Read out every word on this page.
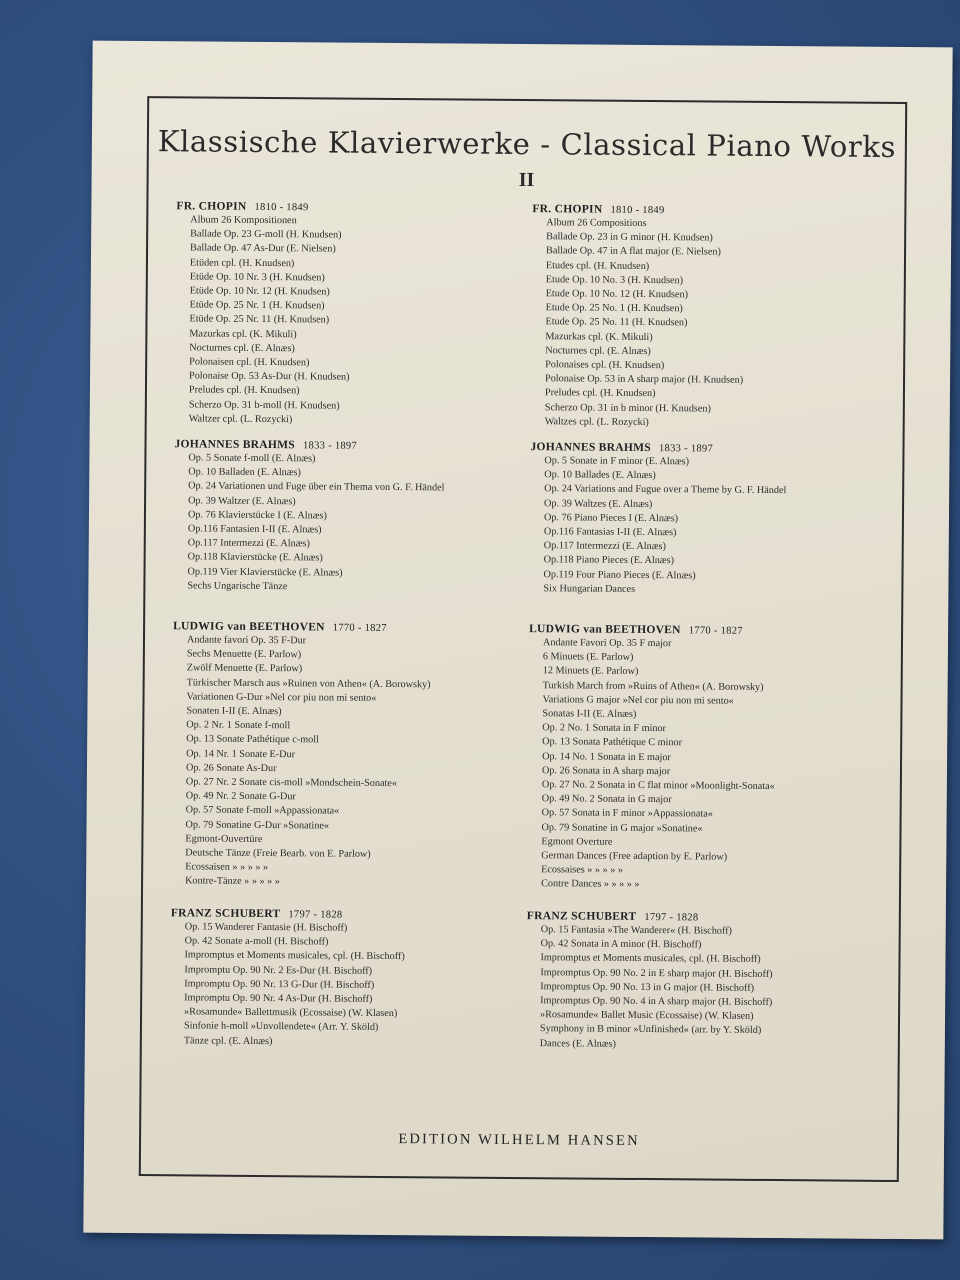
Klassische Klavierwerke - Classical Piano Works
II
FR. CHOPIN 1810 - 1849
Album 26 Kompositionen
Ballade Op. 23 G-moll (H. Knudsen)
Ballade Op. 47 As-Dur (E. Nielsen)
Etüden cpl. (H. Knudsen)
Etüde Op. 10 Nr. 3 (H. Knudsen)
Etüde Op. 10 Nr. 12 (H. Knudsen)
Etüde Op. 25 Nr. 1 (H. Knudsen)
Etüde Op. 25 Nr. 11 (H. Knudsen)
Mazurkas cpl. (K. Mikuli)
Nocturnes cpl. (E. Alnæs)
Polonaisen cpl. (H. Knudsen)
Polonaise Op. 53 As-Dur (H. Knudsen)
Preludes cpl. (H. Knudsen)
Scherzo Op. 31 b-moll (H. Knudsen)
Waltzer cpl. (L. Rozycki)
JOHANNES BRAHMS 1833 - 1897
Op. 5 Sonate f-moll (E. Alnæs)
Op. 10 Balladen (E. Alnæs)
Op. 24 Variationen und Fuge über ein Thema von G. F. Händel
Op. 39 Waltzer (E. Alnæs)
Op. 76 Klavierstücke I (E. Alnæs)
Op.116 Fantasien I-II (E. Alnæs)
Op.117 Intermezzi (E. Alnæs)
Op.118 Klavierstücke (E. Alnæs)
Op.119 Vier Klavierstücke (E. Alnæs)
Sechs Ungarische Tänze
LUDWIG van BEETHOVEN 1770 - 1827
Andante favori Op. 35 F-Dur
Sechs Menuette (E. Parlow)
Zwölf Menuette (E. Parlow)
Türkischer Marsch aus »Ruinen von Athen« (A. Borowsky)
Variationen G-Dur »Nel cor piu non mi sento«
Sonaten I-II (E. Alnæs)
Op. 2 Nr. 1 Sonate f-moll
Op. 13 Sonate Pathétique c-moll
Op. 14 Nr. 1 Sonate E-Dur
Op. 26 Sonate As-Dur
Op. 27 Nr. 2 Sonate cis-moll »Mondschein-Sonate«
Op. 49 Nr. 2 Sonate G-Dur
Op. 57 Sonate f-moll »Appassionata«
Op. 79 Sonatine G-Dur »Sonatine«
Egmont-Ouvertüre
Deutsche Tänze (Freie Bearb. von E. Parlow)
Ecossaisen » » » » »
Kontre-Tänze » » » » »
FRANZ SCHUBERT 1797 - 1828
Op. 15 Wanderer Fantasie (H. Bischoff)
Op. 42 Sonate a-moll (H. Bischoff)
Impromptus et Moments musicales, cpl. (H. Bischoff)
Impromptu Op. 90 Nr. 2 Es-Dur (H. Bischoff)
Impromptu Op. 90 Nr. 13 G-Dur (H. Bischoff)
Impromptu Op. 90 Nr. 4 As-Dur (H. Bischoff)
»Rosamunde« Ballettmusik (Ecossaise) (W. Klasen)
Sinfonie h-moll »Unvollendete« (Arr. Y. Sköld)
Tänze cpl. (E. Alnæs)
FR. CHOPIN 1810 - 1849
Album 26 Compositions
Ballade Op. 23 in G minor (H. Knudsen)
Ballade Op. 47 in A flat major (E. Nielsen)
Etudes cpl. (H. Knudsen)
Etude Op. 10 No. 3 (H. Knudsen)
Etude Op. 10 No. 12 (H. Knudsen)
Etude Op. 25 No. 1 (H. Knudsen)
Etude Op. 25 No. 11 (H. Knudsen)
Mazurkas cpl. (K. Mikuli)
Nocturnes cpl. (E. Alnæs)
Polonaises cpl. (H. Knudsen)
Polonaise Op. 53 in A sharp major (H. Knudsen)
Preludes cpl. (H. Knudsen)
Scherzo Op. 31 in b minor (H. Knudsen)
Waltzes cpl. (L. Rozycki)
JOHANNES BRAHMS 1833 - 1897
Op. 5 Sonate in F minor (E. Alnæs)
Op. 10 Ballades (E. Alnæs)
Op. 24 Variations and Fugue over a Theme by G. F. Händel
Op. 39 Waltzes (E. Alnæs)
Op. 76 Piano Pieces I (E. Alnæs)
Op.116 Fantasias I-II (E. Alnæs)
Op.117 Intermezzi (E. Alnæs)
Op.118 Piano Pieces (E. Alnæs)
Op.119 Four Piano Pieces (E. Alnæs)
Six Hungarian Dances
LUDWIG van BEETHOVEN 1770 - 1827
Andante Favori Op. 35 F major
6 Minuets (E. Parlow)
12 Minuets (E. Parlow)
Turkish March from »Ruins of Athen« (A. Borowsky)
Variations G major »Nel cor piu non mi sento«
Sonatas I-II (E. Alnæs)
Op. 2 No. 1 Sonata in F minor
Op. 13 Sonata Pathétique C minor
Op. 14 No. 1 Sonata in E major
Op. 26 Sonata in A sharp major
Op. 27 No. 2 Sonata in C flat minor »Moonlight-Sonata«
Op. 49 No. 2 Sonata in G major
Op. 57 Sonata in F minor »Appassionata«
Op. 79 Sonatine in G major »Sonatine«
Egmont Overture
German Dances (Free adaption by E. Parlow)
Ecossaises » » » » »
Contre Dances » » » » »
FRANZ SCHUBERT 1797 - 1828
Op. 15 Fantasia »The Wanderer« (H. Bischoff)
Op. 42 Sonata in A minor (H. Bischoff)
Impromptus et Moments musicales, cpl. (H. Bischoff)
Impromptus Op. 90 No. 2 in E sharp major (H. Bischoff)
Impromptus Op. 90 No. 13 in G major (H. Bischoff)
Impromptus Op. 90 No. 4 in A sharp major (H. Bischoff)
»Rosamunde« Ballet Music (Ecossaise) (W. Klasen)
Symphony in B minor »Unfinished« (arr. by Y. Sköld)
Dances (E. Alnæs)
EDITION WILHELM HANSEN
